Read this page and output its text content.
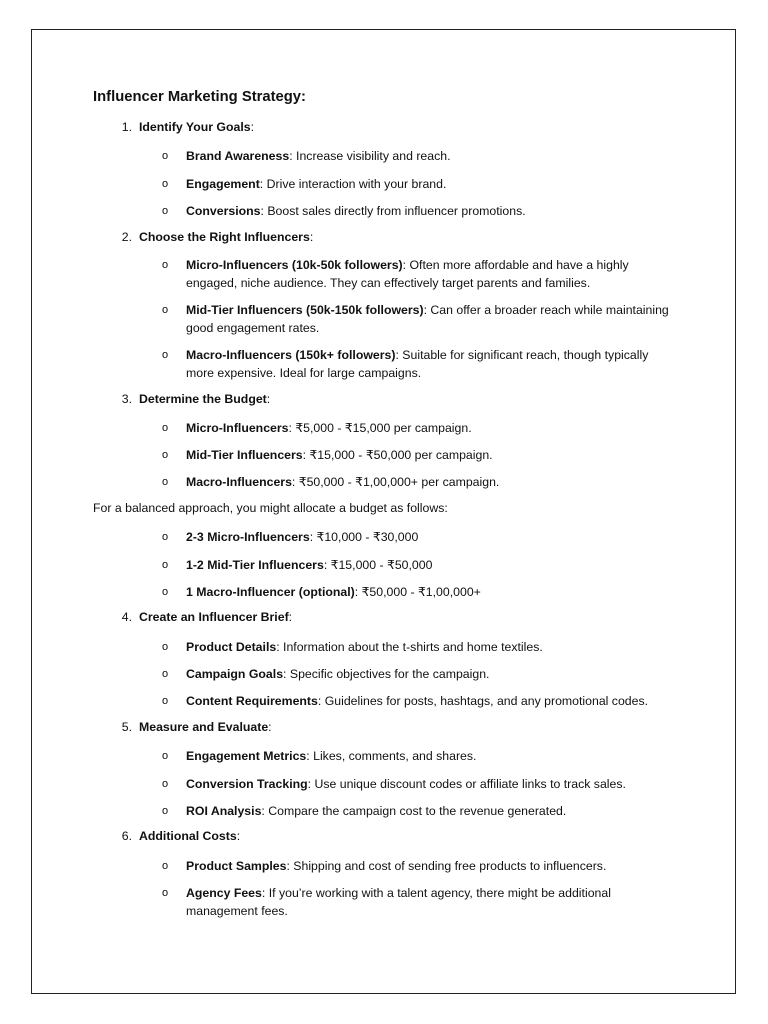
Influencer Marketing Strategy:
1. Identify Your Goals:
o Brand Awareness: Increase visibility and reach.
o Engagement: Drive interaction with your brand.
o Conversions: Boost sales directly from influencer promotions.
2. Choose the Right Influencers:
o Micro-Influencers (10k-50k followers): Often more affordable and have a highly engaged, niche audience. They can effectively target parents and families.
o Mid-Tier Influencers (50k-150k followers): Can offer a broader reach while maintaining good engagement rates.
o Macro-Influencers (150k+ followers): Suitable for significant reach, though typically more expensive. Ideal for large campaigns.
3. Determine the Budget:
o Micro-Influencers: ₹5,000 - ₹15,000 per campaign.
o Mid-Tier Influencers: ₹15,000 - ₹50,000 per campaign.
o Macro-Influencers: ₹50,000 - ₹1,00,000+ per campaign.
For a balanced approach, you might allocate a budget as follows:
o 2-3 Micro-Influencers: ₹10,000 - ₹30,000
o 1-2 Mid-Tier Influencers: ₹15,000 - ₹50,000
o 1 Macro-Influencer (optional): ₹50,000 - ₹1,00,000+
4. Create an Influencer Brief:
o Product Details: Information about the t-shirts and home textiles.
o Campaign Goals: Specific objectives for the campaign.
o Content Requirements: Guidelines for posts, hashtags, and any promotional codes.
5. Measure and Evaluate:
o Engagement Metrics: Likes, comments, and shares.
o Conversion Tracking: Use unique discount codes or affiliate links to track sales.
o ROI Analysis: Compare the campaign cost to the revenue generated.
6. Additional Costs:
o Product Samples: Shipping and cost of sending free products to influencers.
o Agency Fees: If you’re working with a talent agency, there might be additional management fees.
